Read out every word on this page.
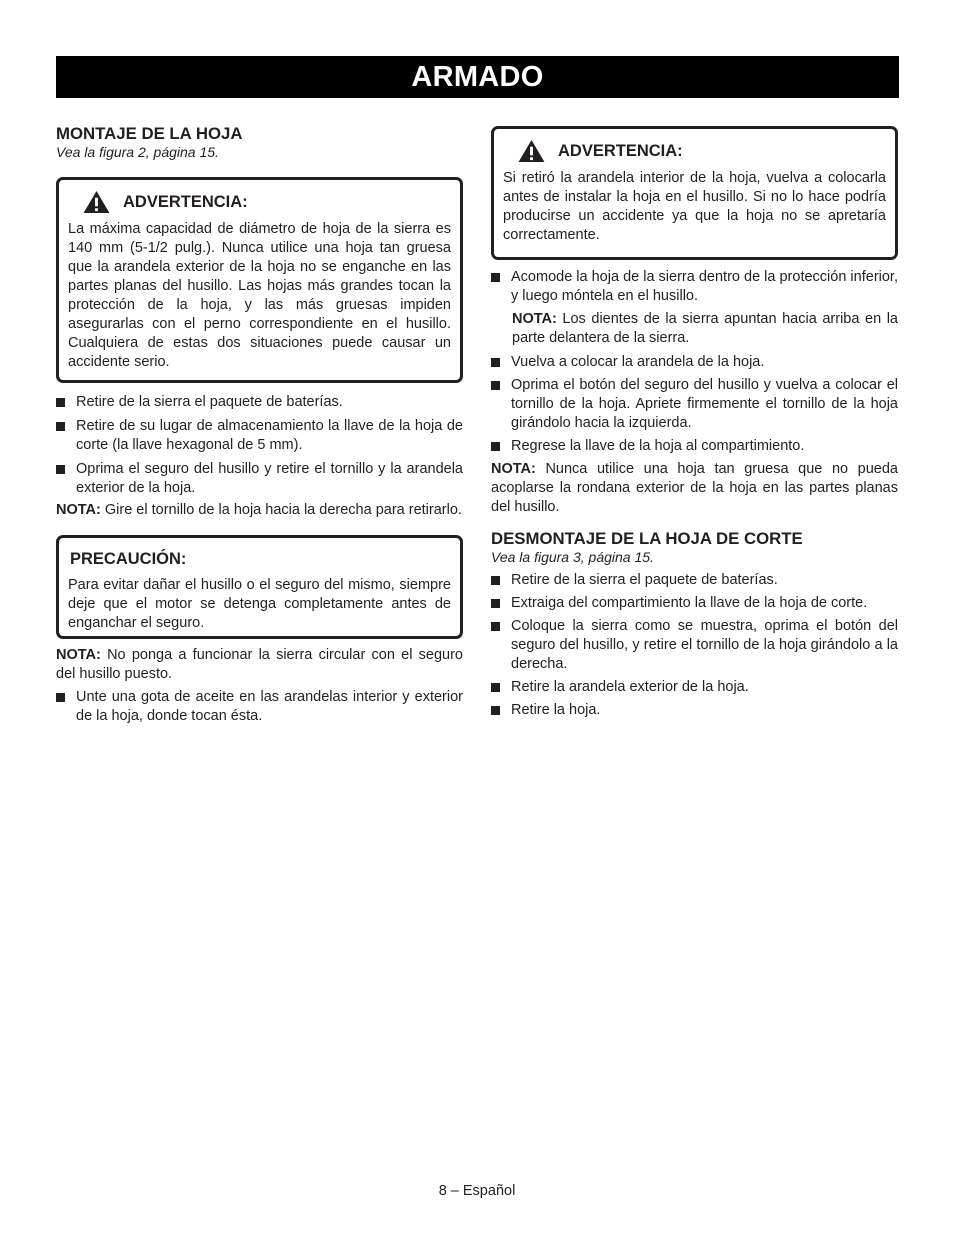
ARMADO
MONTAJE DE LA HOJA

Vea la figura 2, página 15.

ADVERTENCIA:

La máxima capacidad de diámetro de hoja de la sierra es 140 mm (5-1/2 pulg.). Nunca utilice una hoja tan gruesa que la arandela exterior de la hoja no se enganche en las partes planas del husillo. Las hojas más grandes tocan la protección de la hoja, y las más gruesas impiden asegurarlas con el perno correspondiente en el husillo. Cualquiera de estas dos situaciones puede causar un accidente serio.

Retire de la sierra el paquete de baterías.
Retire de su lugar de almacenamiento la llave de la hoja de corte (la llave hexagonal de 5 mm).
Oprima el seguro del husillo y retire el tornillo y la arandela exterior de la hoja.

NOTA: Gire el tornillo de la hoja hacia la derecha para retirarlo.

PRECAUCIÓN:

Para evitar dañar el husillo o el seguro del mismo, siempre deje que el motor se detenga completamente antes de enganchar el seguro.

NOTA: No ponga a funcionar la sierra circular con el seguro del husillo puesto.

Unte una gota de aceite en las arandelas interior y exterior de la hoja, donde tocan ésta.
ADVERTENCIA:

Si retiró la arandela interior de la hoja, vuelva a colocarla antes de instalar la hoja en el husillo. Si no lo hace podría producirse un accidente ya que la hoja no se apretaría correctamente.

Acomode la hoja de la sierra dentro de la protección inferior, y luego móntela en el husillo.

NOTA: Los dientes de la sierra apuntan hacia arriba en la parte delantera de la sierra.

Vuelva a colocar la arandela de la hoja.
Oprima el botón del seguro del husillo y vuelva a colocar el tornillo de la hoja. Apriete firmemente el tornillo de la hoja girándolo hacia la izquierda.
Regrese la llave de la hoja al compartimiento.

NOTA: Nunca utilice una hoja tan gruesa que no pueda acoplarse la rondana exterior de la hoja en las partes planas del husillo.

DESMONTAJE DE LA HOJA DE CORTE

Vea la figura 3, página 15.

Retire de la sierra el paquete de baterías.
Extraiga del compartimiento la llave de la hoja de corte.
Coloque la sierra como se muestra, oprima el botón del seguro del husillo, y retire el tornillo de la hoja girándolo a la derecha.
Retire la arandela exterior de la hoja.
Retire la hoja.
8 – Español
